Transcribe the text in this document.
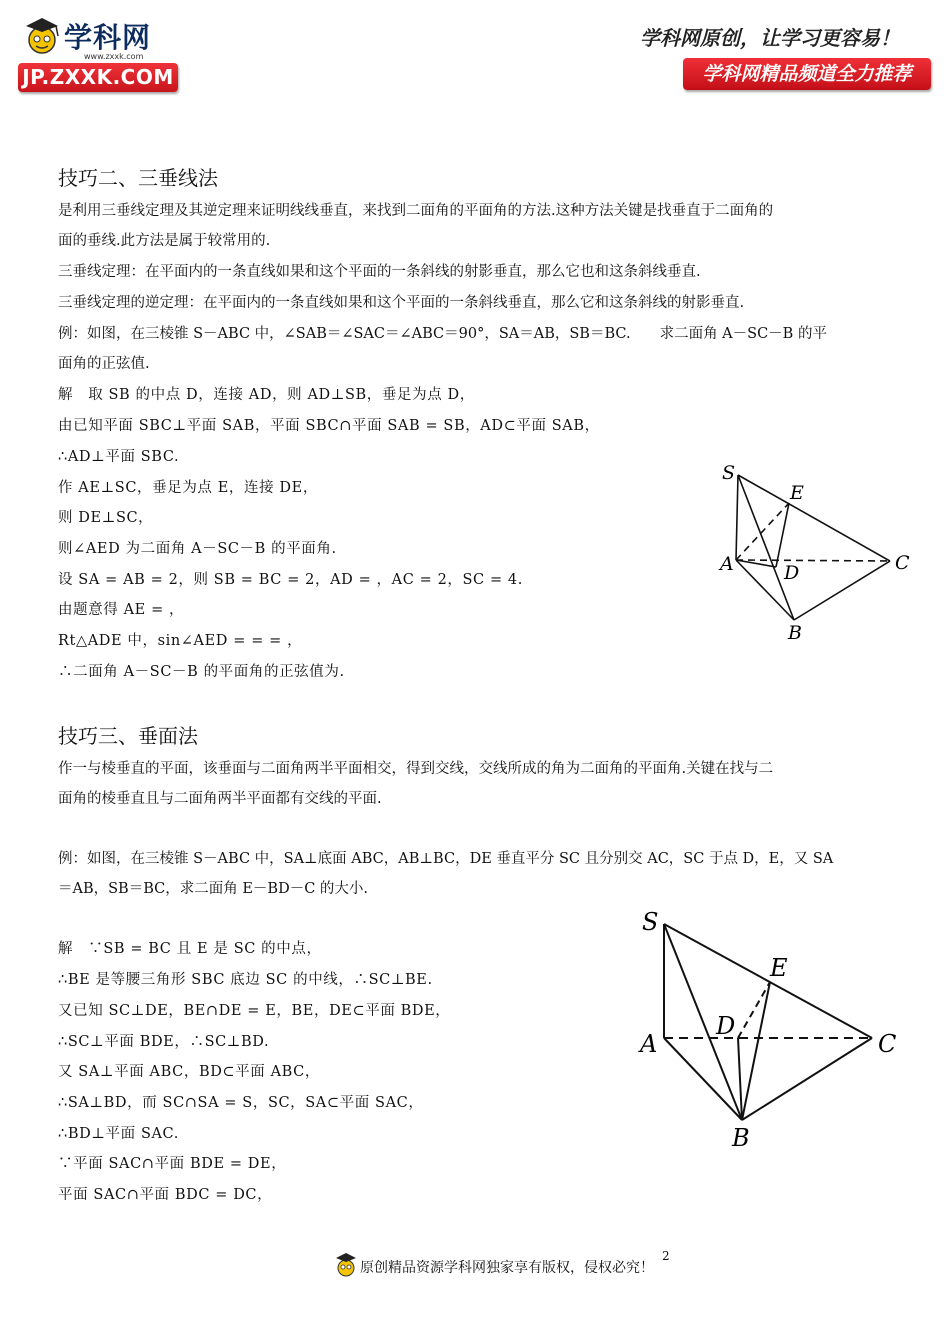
学科网
www.zxxk.com
JP.ZXXK.COM
学科网原创，让学习更容易！
学科网精品频道全力推荐
技巧二、三垂线法
是利用三垂线定理及其逆定理来证明线线垂直，来找到二面角的平面角的方法.这种方法关键是找垂直于二面角的
面的垂线.此方法是属于较常用的.
三垂线定理：在平面内的一条直线如果和这个平面的一条斜线的射影垂直，那么它也和这条斜线垂直.
三垂线定理的逆定理：在平面内的一条直线如果和这个平面的一条斜线垂直，那么它和这条斜线的射影垂直.
例：如图，在三棱锥 S－ABC 中，∠SAB＝∠SAC＝∠ABC＝90°，SA＝AB，SB＝BC.　　求二面角 A－SC－B 的平
面角的正弦值.
解　 取 SB 的中点 D，连接 AD，则 AD⊥SB，垂足为点 D，
由已知平面 SBC⊥平面 SAB，平面 SBC∩平面 SAB = SB，AD⊂平面 SAB，
∴AD⊥平面 SBC.
作 AE⊥SC，垂足为点 E，连接 DE，
则 DE⊥SC，
则∠AED 为二面角 A－SC－B 的平面角.
设 SA = AB = 2，则 SB = BC = 2，AD = ，AC = 2，SC = 4.
由题意得 AE = ，
Rt△ADE 中，sin∠AED = = = ，
∴二面角 A－SC－B 的平面角的正弦值为.
S
E
A	D	C
B
技巧三、垂面法
作一与棱垂直的平面，该垂面与二面角两半平面相交，得到交线，交线所成的角为二面角的平面角.关键在找与二
面角的棱垂直且与二面角两半平面都有交线的平面.
例：如图，在三棱锥 S－ABC 中，SA⊥底面 ABC，AB⊥BC，DE 垂直平分 SC 且分别交 AC，SC 于点 D，E，又 SA
＝AB，SB＝BC，求二面角 E－BD－C 的大小.
解　 ∵SB = BC 且 E 是 SC 的中点，
∴BE 是等腰三角形 SBC 底边 SC 的中线，∴SC⊥BE.
又已知 SC⊥DE，BE∩DE = E，BE，DE⊂平面 BDE，
∴SC⊥平面 BDE，∴SC⊥BD.
又 SA⊥平面 ABC，BD⊂平面 ABC，
∴SA⊥BD，而 SC∩SA = S，SC，SA⊂平面 SAC，
∴BD⊥平面 SAC.
∵平面 SAC∩平面 BDE = DE，
平面 SAC∩平面 BDC = DC，
S
E
D
A	C
B
原创精品资源学科网独家享有版权，侵权必究！
2
